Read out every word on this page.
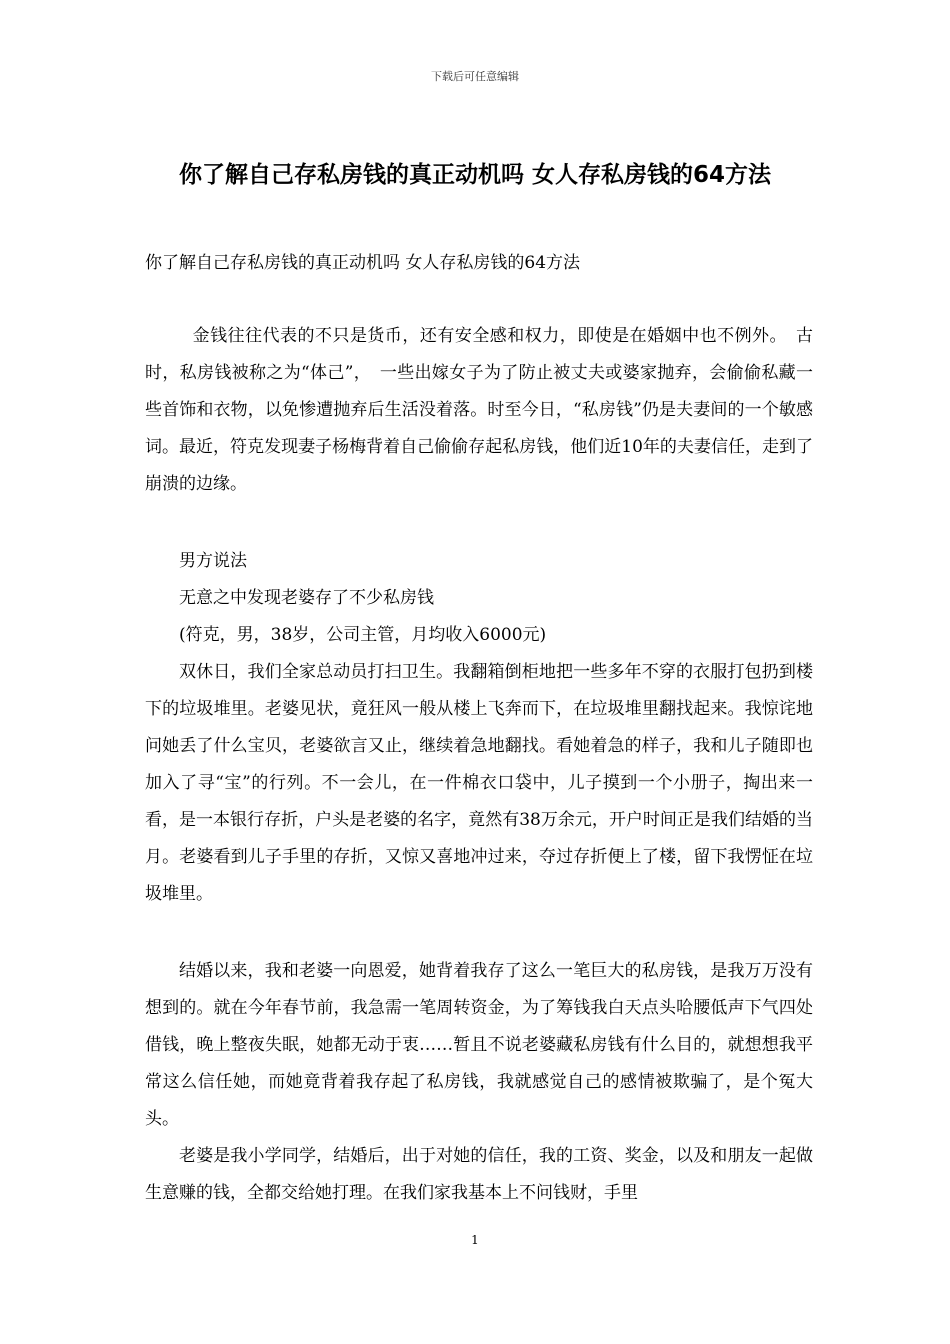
下载后可任意编辑
你了解自己存私房钱的真正动机吗 女人存私房钱的64方法
你了解自己存私房钱的真正动机吗 女人存私房钱的64方法

金钱往往代表的不只是货币，还有安全感和权力，即使是在婚姻中也不例外。　古时，私房钱被称之为“体己”，　一些出嫁女子为了防止被丈夫或婆家抛弃，会偷偷私藏一些首饰和衣物，以免惨遭抛弃后生活没着落。时至今日，“私房钱”仍是夫妻间的一个敏感词。最近，符克发现妻子杨梅背着自己偷偷存起私房钱，他们近10年的夫妻信任，走到了崩溃的边缘。

男方说法

无意之中发现老婆存了不少私房钱

(符克，男，38岁，公司主管，月均收入6000元)

双休日，我们全家总动员打扫卫生。我翻箱倒柜地把一些多年不穿的衣服打包扔到楼下的垃圾堆里。老婆见状，竟狂风一般从楼上飞奔而下，在垃圾堆里翻找起来。我惊诧地问她丢了什么宝贝，老婆欲言又止，继续着急地翻找。看她着急的样子，我和儿子随即也加入了寻“宝”的行列。不一会儿，在一件棉衣口袋中，儿子摸到一个小册子，掏出来一看，是一本银行存折，户头是老婆的名字，竟然有38万余元，开户时间正是我们结婚的当月。老婆看到儿子手里的存折，又惊又喜地冲过来，夺过存折便上了楼，留下我愣怔在垃圾堆里。

结婚以来，我和老婆一向恩爱，她背着我存了这么一笔巨大的私房钱，是我万万没有想到的。就在今年春节前，我急需一笔周转资金，为了筹钱我白天点头哈腰低声下气四处借钱，晚上整夜失眠，她都无动于衷……暂且不说老婆藏私房钱有什么目的，就想想我平常这么信任她，而她竟背着我存起了私房钱，我就感觉自己的感情被欺骗了，是个冤大头。

老婆是我小学同学，结婚后，出于对她的信任，我的工资、奖金，以及和朋友一起做生意赚的钱，全都交给她打理。在我们家我基本上不问钱财，手里

1
